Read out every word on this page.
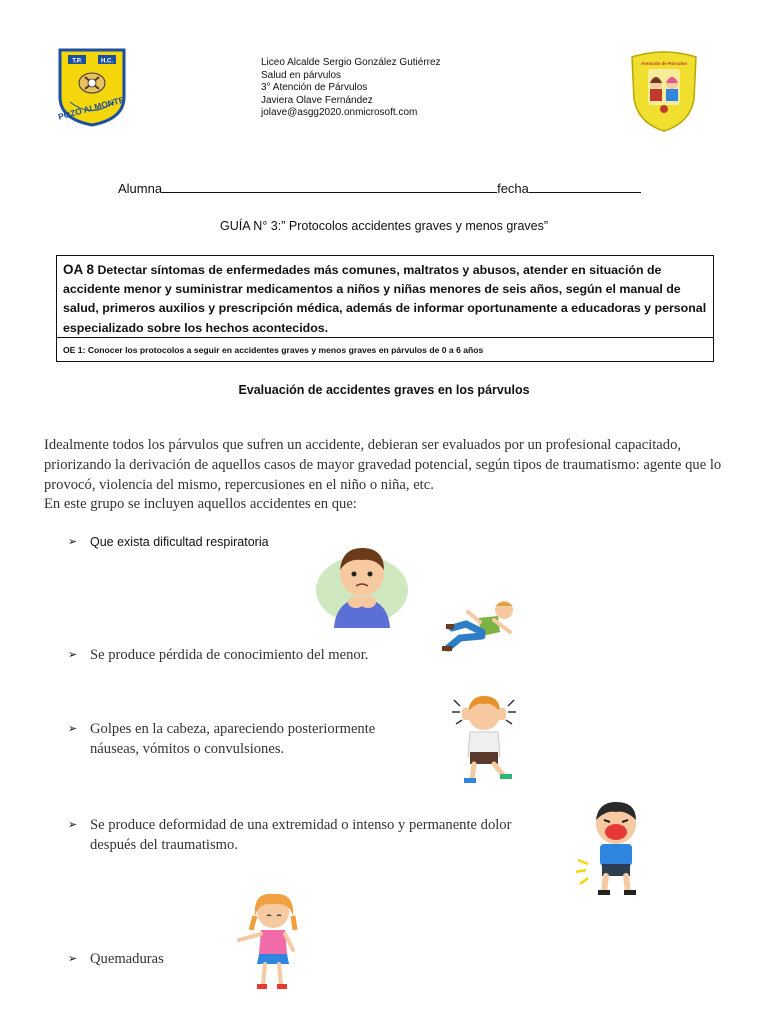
T.P.	H.C.
POZO ALMONTE
Liceo Alcalde Sergio González Gutiérrez
Salud en párvulos
3° Atención de Párvulos
Javiera Olave Fernández
jolave@asgg2020.onmicrosoft.com
Atención de Párvulos
Alumna	fecha
GUÍA N° 3:” Protocolos accidentes graves y menos graves”
OA 8 Detectar síntomas de enfermedades más comunes, maltratos y abusos, atender en situación de accidente menor y suministrar medicamentos a niños y niñas menores de seis años, según el manual de salud, primeros auxilios y prescripción médica, además de informar oportunamente a educadoras y personal especializado sobre los hechos acontecidos.
OE 1: Conocer los protocolos a seguir en accidentes graves y menos graves en párvulos de 0 a 6 años
Evaluación de accidentes graves en los párvulos
Idealmente todos los párvulos que sufren un accidente, debieran ser evaluados por un profesional capacitado, priorizando la derivación de aquellos casos de mayor gravedad potencial, según tipos de traumatismo: agente que lo provocó, violencia del mismo, repercusiones en el niño o niña, etc.
En este grupo se incluyen aquellos accidentes en que:
➢ Que exista dificultad respiratoria
➢ Se produce pérdida de conocimiento del menor.
➢ Golpes en la cabeza, apareciendo posteriormente náuseas, vómitos o convulsiones.
➢ Se produce deformidad de una extremidad o intenso y permanente dolor después del traumatismo.
➢ Quemaduras
